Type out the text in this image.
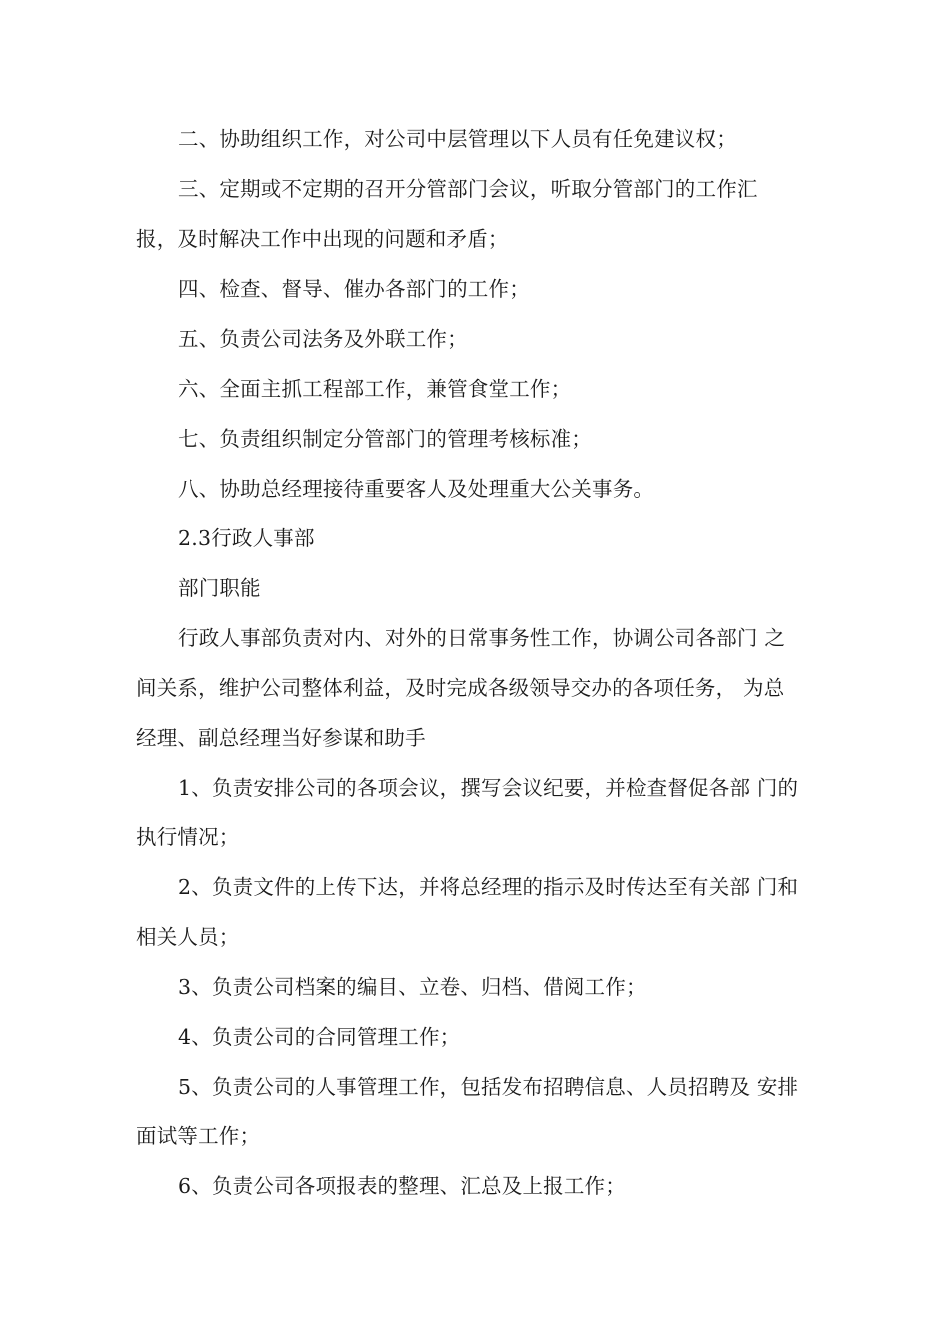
二、协助组织工作，对公司中层管理以下人员有任免建议权；
三、定期或不定期的召开分管部门会议，听取分管部门的工作汇
报，及时解决工作中出现的问题和矛盾；
四、检查、督导、催办各部门的工作；
五、负责公司法务及外联工作；
六、全面主抓工程部工作，兼管食堂工作；
七、负责组织制定分管部门的管理考核标准；
八、协助总经理接待重要客人及处理重大公关事务。
2.3行政人事部
部门职能
行政人事部负责对内、对外的日常事务性工作，协调公司各部门 之
间关系，维护公司整体利益，及时完成各级领导交办的各项任务， 为总
经理、副总经理当好参谋和助手
1、负责安排公司的各项会议，撰写会议纪要，并检查督促各部 门的
执行情况；
2、负责文件的上传下达，并将总经理的指示及时传达至有关部 门和
相关人员；
3、负责公司档案的编目、立卷、归档、借阅工作；
4、负责公司的合同管理工作；
5、负责公司的人事管理工作，包括发布招聘信息、人员招聘及 安排
面试等工作；
6、负责公司各项报表的整理、汇总及上报工作；
